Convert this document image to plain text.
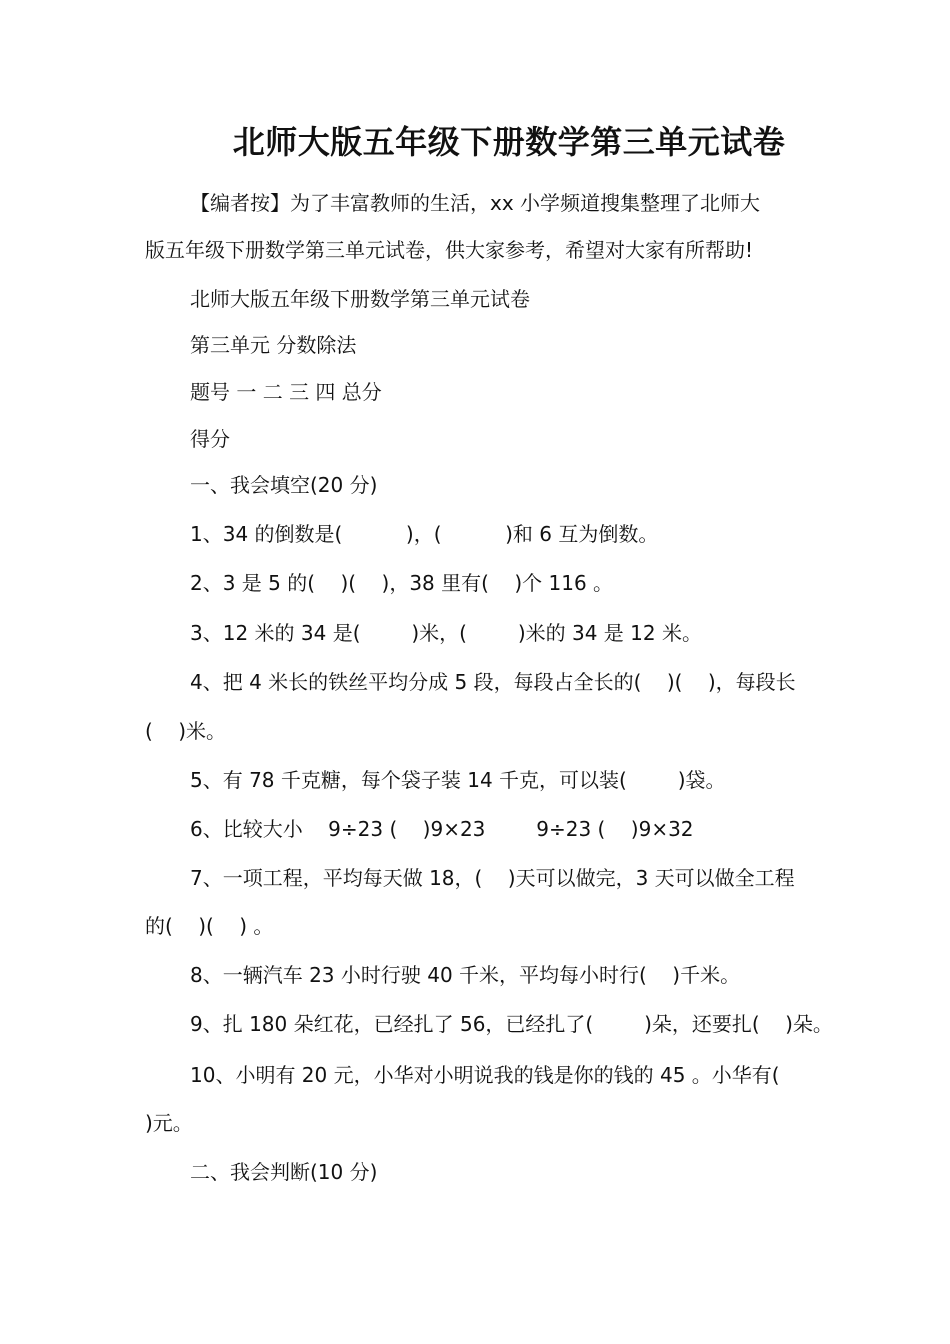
北师大版五年级下册数学第三单元试卷
【编者按】为了丰富教师的生活，xx 小学频道搜集整理了北师大
版五年级下册数学第三单元试卷，供大家参考，希望对大家有所帮助!
北师大版五年级下册数学第三单元试卷
第三单元 分数除法
题号 一 二 三 四 总分
得分
一、我会填空(20 分)
1、34 的倒数是(          )，(          )和 6 互为倒数。
2、3 是 5 的(    )(    )，38 里有(    )个 116 。
3、12 米的 34 是(        )米，(        )米的 34 是 12 米。
4、把 4 米长的铁丝平均分成 5 段，每段占全长的(    )(    )，每段长
(    )米。
5、有 78 千克糖，每个袋子装 14 千克，可以装(        )袋。
6、比较大小    9÷23 (    )9×23        9÷23 (    )9×32
7、一项工程，平均每天做 18，(    )天可以做完，3 天可以做全工程
的(    )(    ) 。
8、一辆汽车 23 小时行驶 40 千米，平均每小时行(    )千米。
9、扎 180 朵红花，已经扎了 56，已经扎了(        )朵，还要扎(    )朵。
10、小明有 20 元，小华对小明说我的钱是你的钱的 45 。小华有(
)元。
二、我会判断(10 分)
